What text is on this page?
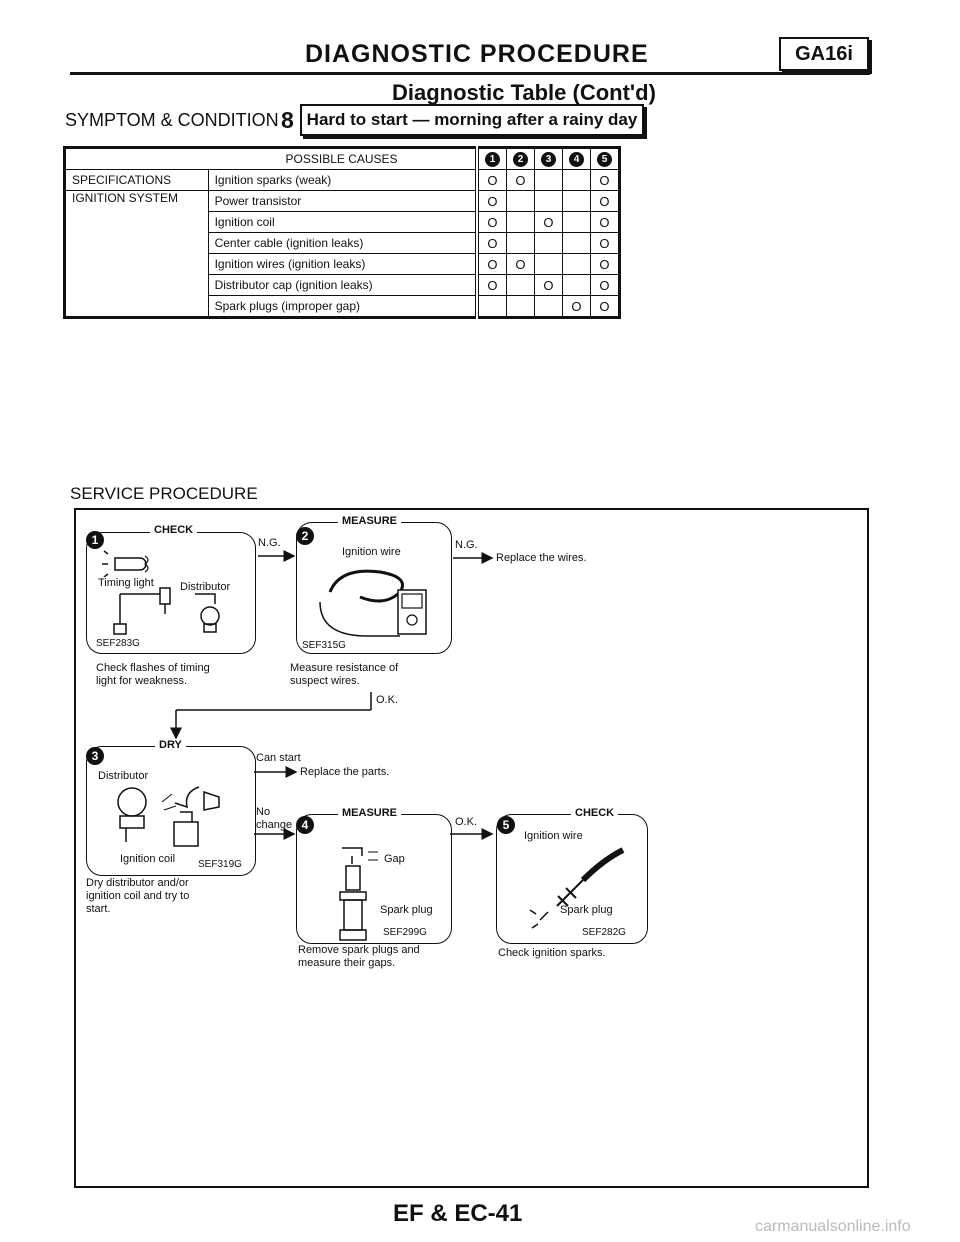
DIAGNOSTIC PROCEDURE	GA16i
Diagnostic Table (Cont'd)
SYMPTOM & CONDITION 8 Hard to start — morning after a rainy day
	POSSIBLE CAUSES	1	2	3	4	5
SPECIFICATIONS	Ignition sparks (weak)	O	O			O
IGNITION SYSTEM	Power transistor	O				O
	Ignition coil	O		O		O
	Center cable (ignition leaks)	O				O
	Ignition wires (ignition leaks)	O	O			O
	Distributor cap (ignition leaks)	O		O		O
	Spark plugs (improper gap)				O	O
SERVICE PROCEDURE
1
CHECK
Timing light Distributor
SEF283G
Check flashes of timing
light for weakness.
N.G.	2
MEASURE
Ignition wire
SEF315G
Measure resistance of
suspect wires.
N.G.
Replace the wires.
O.K.
3
DRY
Distributor
Ignition coil SEF319G
Dry distributor and/or
ignition coil and try to
start.
Can start
Replace the parts.
No
change 4
MEASURE
Gap
Spark plug
SEF299G
Remove spark plugs and
measure their gaps.
O.K.	5
CHECK
Ignition wire
Spark plug
SEF282G
Check ignition sparks.
EF & EC-41	carmanualsonline.info
